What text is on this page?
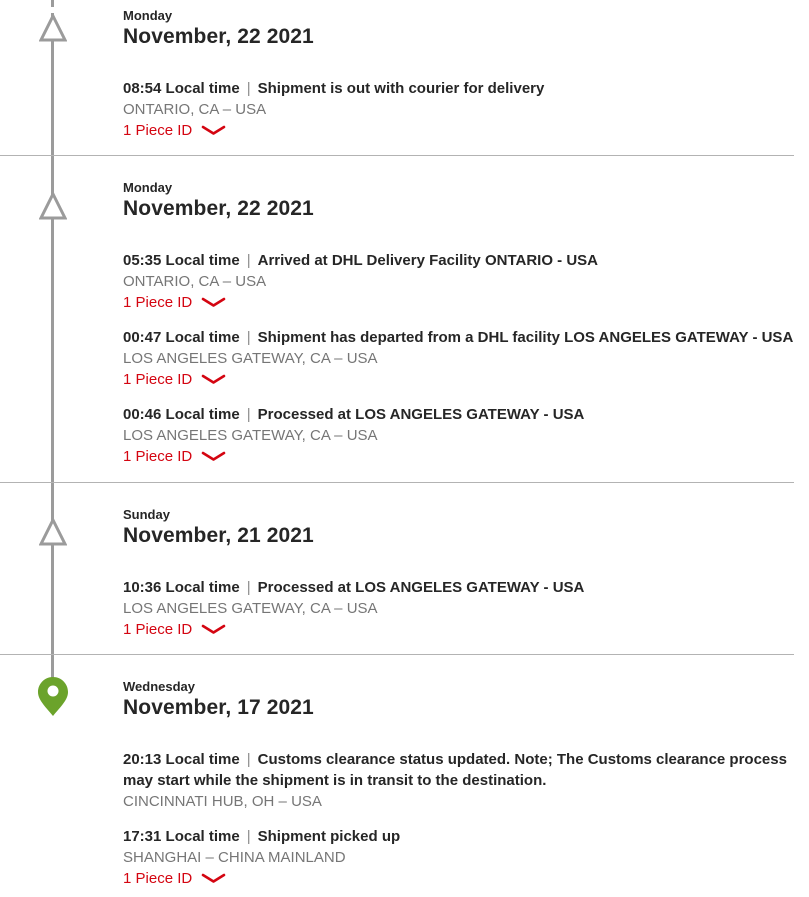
Monday
November, 22 2021

08:54 Local time | Shipment is out with courier for delivery

ONTARIO, CA – USA

1 Piece ID
Monday
November, 22 2021

05:35 Local time | Arrived at DHL Delivery Facility ONTARIO - USA

ONTARIO, CA – USA

1 Piece ID

00:47 Local time | Shipment has departed from a DHL facility LOS ANGELES GATEWAY - USA

LOS ANGELES GATEWAY, CA – USA

1 Piece ID

00:46 Local time | Processed at LOS ANGELES GATEWAY - USA

LOS ANGELES GATEWAY, CA – USA

1 Piece ID
Sunday
November, 21 2021

10:36 Local time | Processed at LOS ANGELES GATEWAY - USA

LOS ANGELES GATEWAY, CA – USA

1 Piece ID
Wednesday
November, 17 2021

20:13 Local time | Customs clearance status updated. Note; The Customs clearance process may start while the shipment is in transit to the destination.

CINCINNATI HUB, OH – USA

17:31 Local time | Shipment picked up

SHANGHAI – CHINA MAINLAND

1 Piece ID
